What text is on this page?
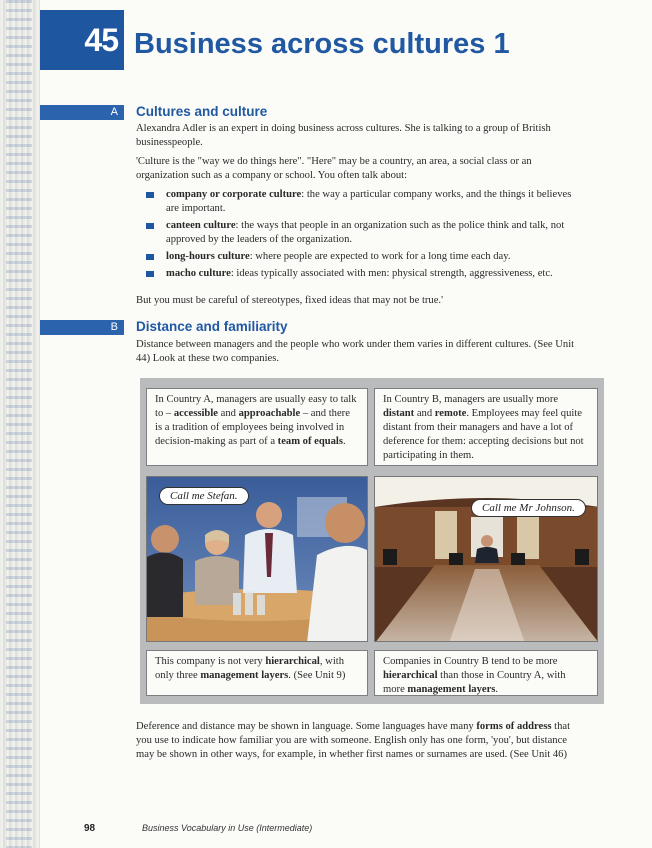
45 Business across cultures 1
A Cultures and culture

Alexandra Adler is an expert in doing business across cultures. She is talking to a group of British businesspeople.

'Culture is the "way we do things here". "Here" may be a country, an area, a social class or an organization such as a company or school. You often talk about:

company or corporate culture: the way a particular company works, and the things it believes are important.
canteen culture: the ways that people in an organization such as the police think and talk, not approved by the leaders of the organization.
long-hours culture: where people are expected to work for a long time each day.
macho culture: ideas typically associated with men: physical strength, aggressiveness, etc.

But you must be careful of stereotypes, fixed ideas that may not be true.'

B Distance and familiarity

Distance between managers and the people who work under them varies in different cultures. (See Unit 44) Look at these two companies.

In Country A, managers are usually easy to talk to – accessible and approachable – and there is a tradition of employees being involved in decision-making as part of a team of equals.
In Country B, managers are usually more distant and remote. Employees may feel quite distant from their managers and have a lot of deference for them: accepting decisions but not participating in them.
Call me Stefan.
Call me Mr Johnson.
This company is not very hierarchical, with only three management layers. (See Unit 9)
Companies in Country B tend to be more hierarchical than those in Country A, with more management layers.

Deference and distance may be shown in language. Some languages have many forms of address that you use to indicate how familiar you are with someone. English only has one form, 'you', but distance may be shown in other ways, for example, in whether first names or surnames are used. (See Unit 46)

98	Business Vocabulary in Use (Intermediate)
